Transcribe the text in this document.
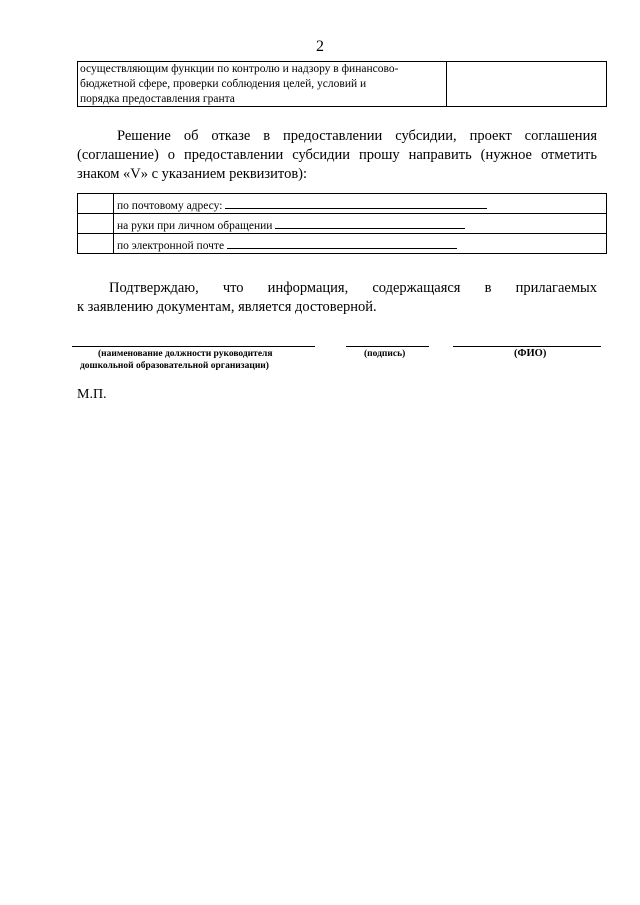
2
осуществляющим функции по контролю и надзору в финансово-
бюджетной сфере, проверки соблюдения целей, условий и
порядка предоставления гранта
Решение об отказе в предоставлении субсидии, проект соглашения
(соглашение) о предоставлении субсидии прошу направить (нужное отметить
знаком «V» с указанием реквизитов):
	по почтовому адресу:
	на руки при личном обращении
	по электронной почте
Подтверждаю, что информация, содержащаяся в прилагаемых
к заявлению документам, является достоверной.
(наименование должности руководителя
дошкольной образовательной организации)
(подпись)	(ФИО)
М.П.
